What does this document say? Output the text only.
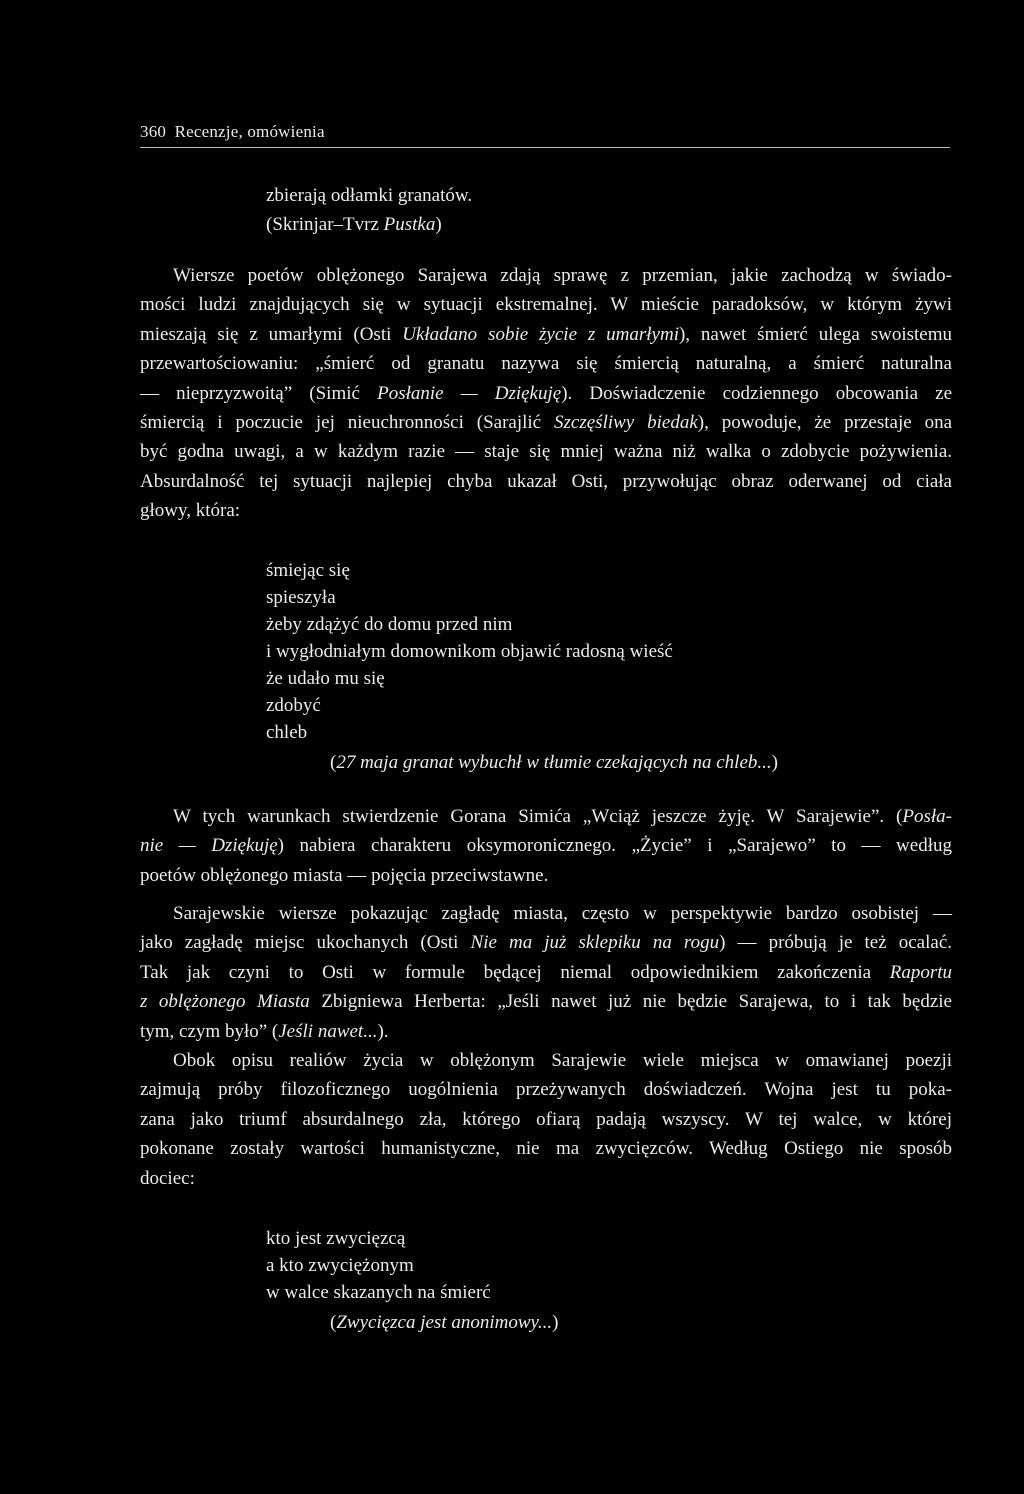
360 Recenzje, omówienia
zbierają odłamki granatów.
(Skrinjar–Tvrz Pustka)
Wiersze poetów oblężonego Sarajewa zdają sprawę z przemian, jakie zachodzą w świado-
mości ludzi znajdujących się w sytuacji ekstremalnej. W mieście paradoksów, w którym żywi
mieszają się z umarłymi (Osti Układano sobie życie z umarłymi), nawet śmierć ulega swoistemu
przewartościowaniu: „śmierć od granatu nazywa się śmiercią naturalną, a śmierć naturalna
— nieprzyzwoitą” (Simić Posłanie — Dziękuję). Doświadczenie codziennego obcowania ze
śmiercią i poczucie jej nieuchronności (Sarajlić Szczęśliwy biedak), powoduje, że przestaje ona
być godna uwagi, a w każdym razie — staje się mniej ważna niż walka o zdobycie pożywienia.
Absurdalność tej sytuacji najlepiej chyba ukazał Osti, przywołując obraz oderwanej od ciała
głowy, która:
śmiejąc się
spieszyła
żeby zdążyć do domu przed nim
i wygłodniałym domownikom objawić radosną wieść
że udało mu się
zdobyć
chleb
(27 maja granat wybuchł w tłumie czekających na chleb...)
W tych warunkach stwierdzenie Gorana Simića „Wciąż jeszcze żyję. W Sarajewie”. (Posła-
nie — Dziękuję) nabiera charakteru oksymoronicznego. „Życie” i „Sarajewo” to — według
poetów oblężonego miasta — pojęcia przeciwstawne.
Sarajewskie wiersze pokazując zagładę miasta, często w perspektywie bardzo osobistej —
jako zagładę miejsc ukochanych (Osti Nie ma już sklepiku na rogu) — próbują je też ocalać.
Tak jak czyni to Osti w formule będącej niemal odpowiednikiem zakończenia Raportu
z oblężonego Miasta Zbigniewa Herberta: „Jeśli nawet już nie będzie Sarajewa, to i tak będzie
tym, czym było” (Jeśli nawet...).
Obok opisu realiów życia w oblężonym Sarajewie wiele miejsca w omawianej poezji
zajmują próby filozoficznego uogólnienia przeżywanych doświadczeń. Wojna jest tu poka-
zana jako triumf absurdalnego zła, którego ofiarą padają wszyscy. W tej walce, w której
pokonane zostały wartości humanistyczne, nie ma zwycięzców. Według Ostiego nie sposób
dociec:
kto jest zwycięzcą
a kto zwyciężonym
w walce skazanych na śmierć
(Zwycięzca jest anonimowy...)
